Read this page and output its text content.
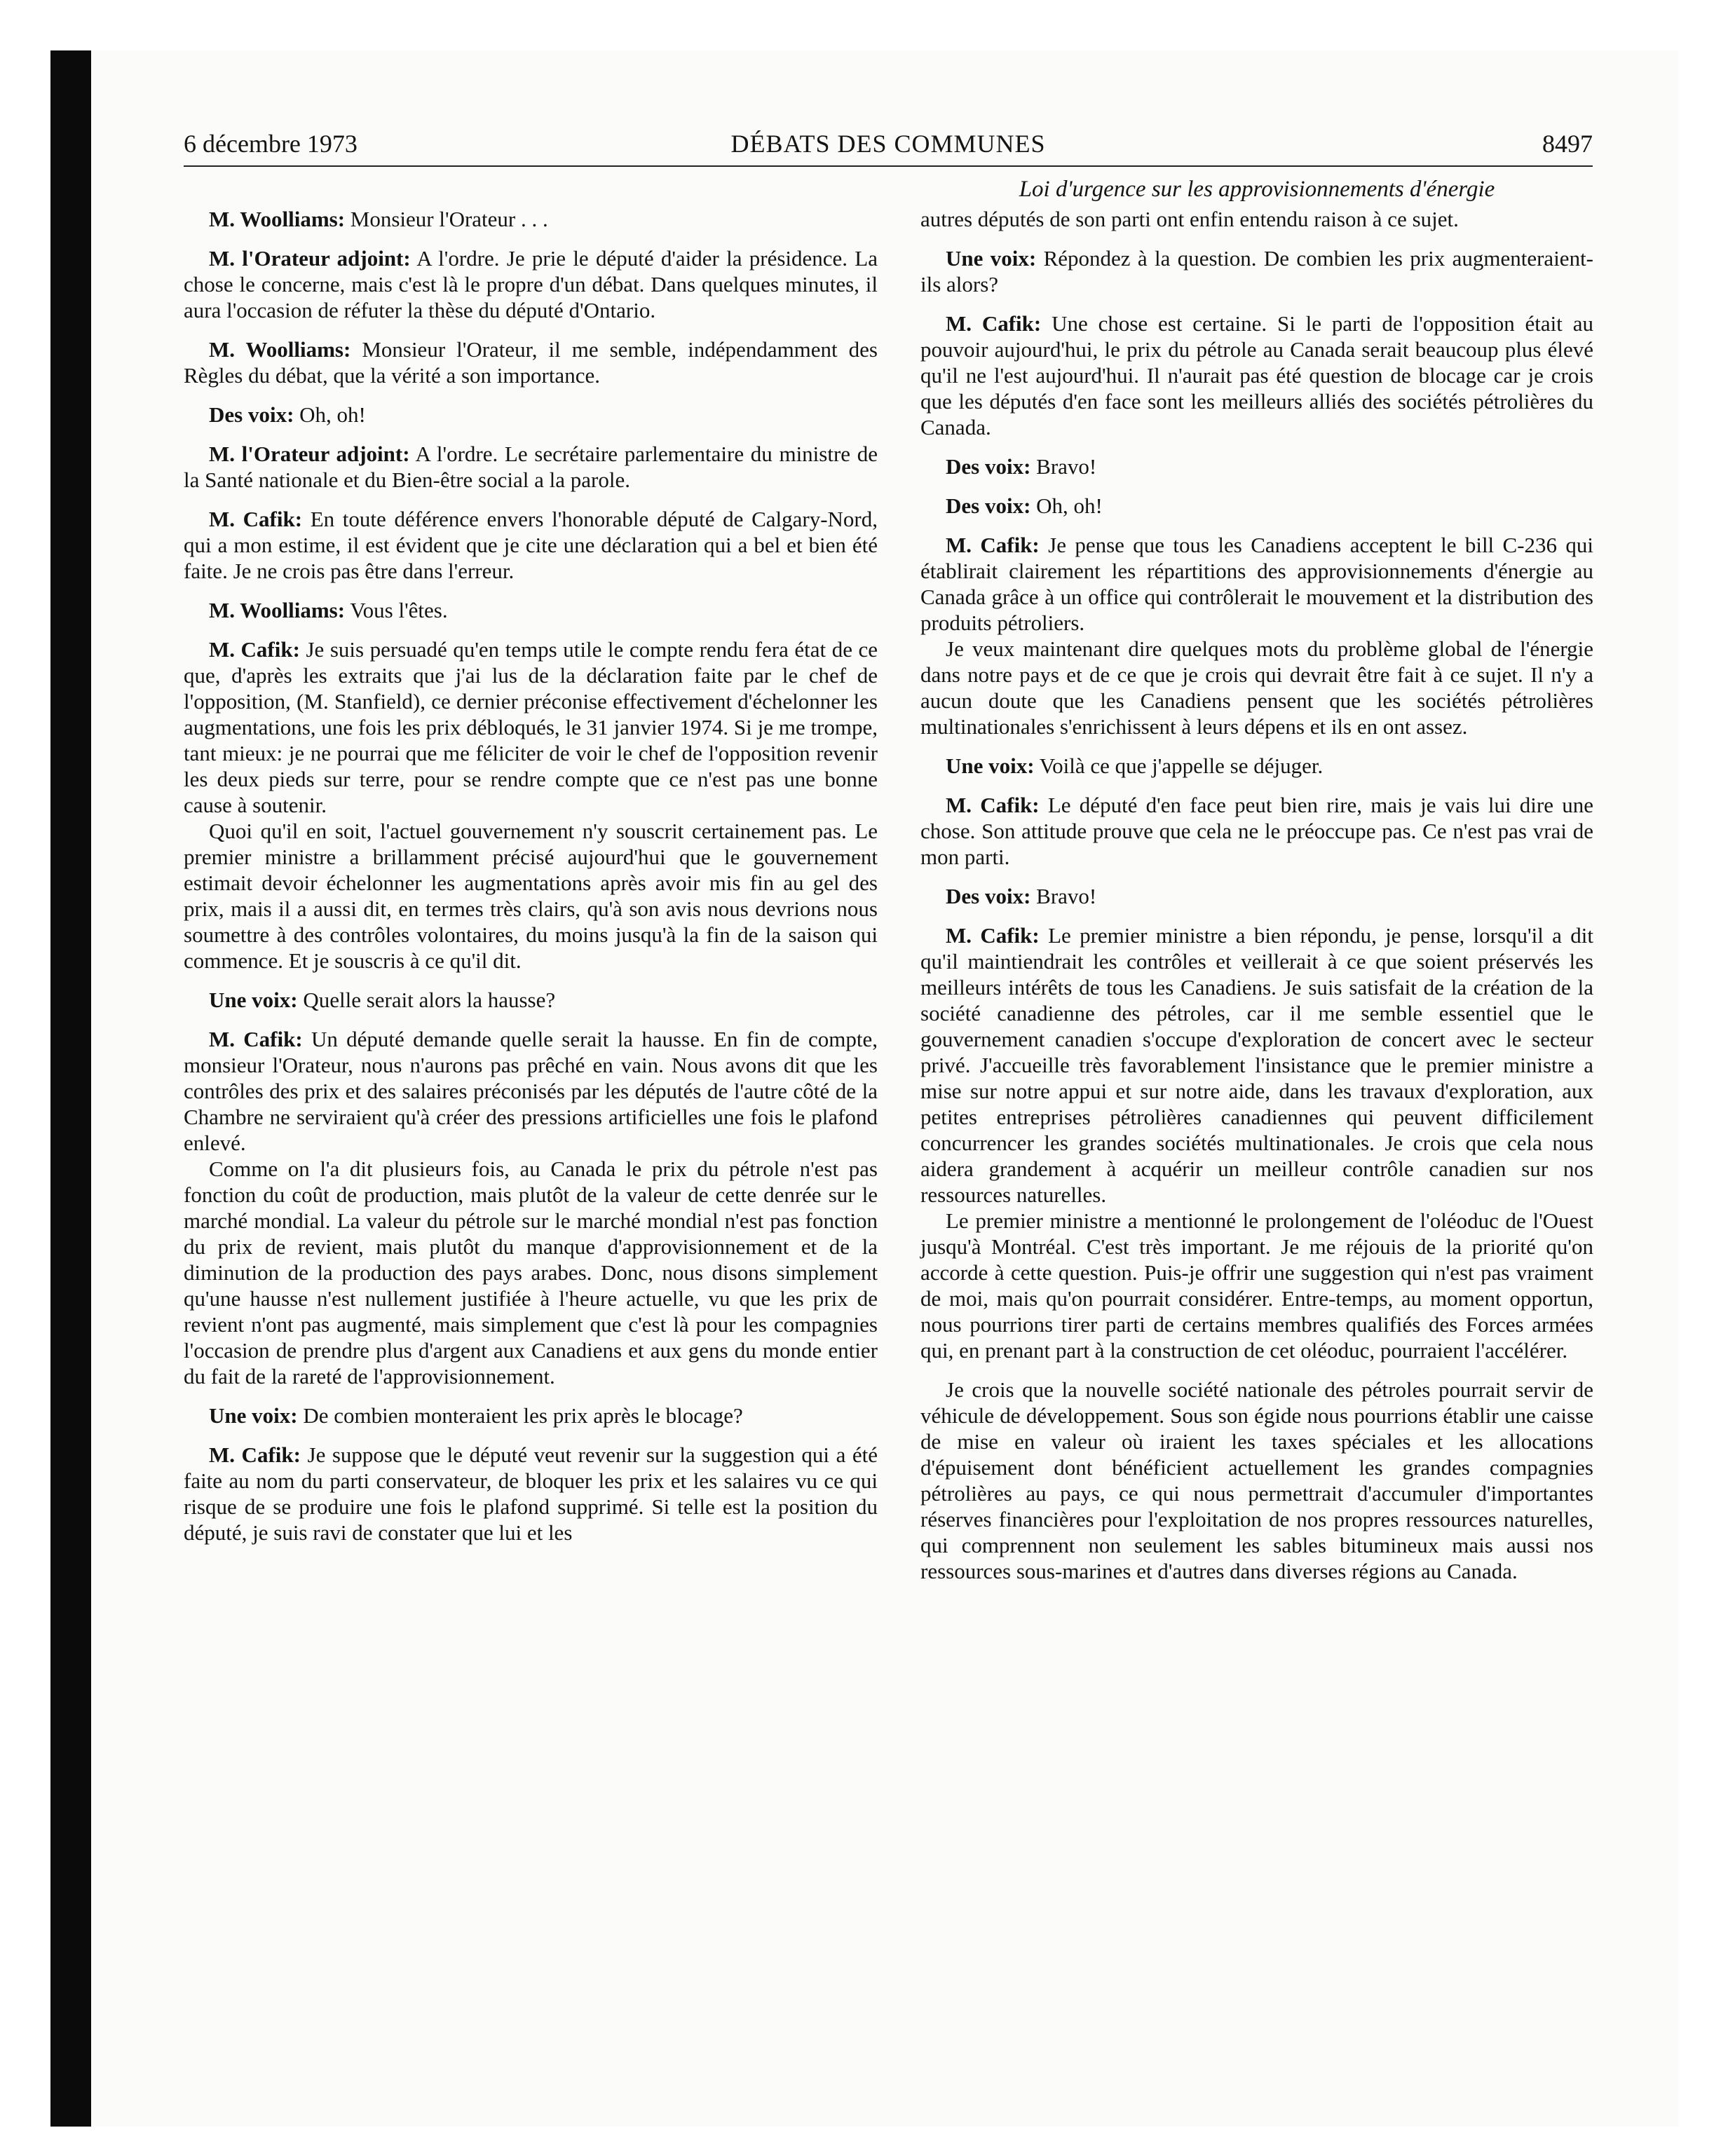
6 décembre 1973	DÉBATS DES COMMUNES	8497
Loi d'urgence sur les approvisionnements d'énergie

M. Woolliams: Monsieur l'Orateur . . .

M. l'Orateur adjoint: A l'ordre. Je prie le député d'aider la présidence. La chose le concerne, mais c'est là le propre d'un débat. Dans quelques minutes, il aura l'occasion de réfuter la thèse du député d'Ontario.

M. Woolliams: Monsieur l'Orateur, il me semble, indépendamment des Règles du débat, que la vérité a son importance.

Des voix: Oh, oh!

M. l'Orateur adjoint: A l'ordre. Le secrétaire parlementaire du ministre de la Santé nationale et du Bien-être social a la parole.

M. Cafik: En toute déférence envers l'honorable député de Calgary-Nord, qui a mon estime, il est évident que je cite une déclaration qui a bel et bien été faite. Je ne crois pas être dans l'erreur.

M. Woolliams: Vous l'êtes.

M. Cafik: Je suis persuadé qu'en temps utile le compte rendu fera état de ce que, d'après les extraits que j'ai lus de la déclaration faite par le chef de l'opposition, (M. Stanfield), ce dernier préconise effectivement d'échelonner les augmentations, une fois les prix débloqués, le 31 janvier 1974. Si je me trompe, tant mieux: je ne pourrai que me féliciter de voir le chef de l'opposition revenir les deux pieds sur terre, pour se rendre compte que ce n'est pas une bonne cause à soutenir.

Quoi qu'il en soit, l'actuel gouvernement n'y souscrit certainement pas. Le premier ministre a brillamment précisé aujourd'hui que le gouvernement estimait devoir échelonner les augmentations après avoir mis fin au gel des prix, mais il a aussi dit, en termes très clairs, qu'à son avis nous devrions nous soumettre à des contrôles volontaires, du moins jusqu'à la fin de la saison qui commence. Et je souscris à ce qu'il dit.

Une voix: Quelle serait alors la hausse?

M. Cafik: Un député demande quelle serait la hausse. En fin de compte, monsieur l'Orateur, nous n'aurons pas prêché en vain. Nous avons dit que les contrôles des prix et des salaires préconisés par les députés de l'autre côté de la Chambre ne serviraient qu'à créer des pressions artificielles une fois le plafond enlevé.

Comme on l'a dit plusieurs fois, au Canada le prix du pétrole n'est pas fonction du coût de production, mais plutôt de la valeur de cette denrée sur le marché mondial. La valeur du pétrole sur le marché mondial n'est pas fonction du prix de revient, mais plutôt du manque d'approvisionnement et de la diminution de la production des pays arabes. Donc, nous disons simplement qu'une hausse n'est nullement justifiée à l'heure actuelle, vu que les prix de revient n'ont pas augmenté, mais simplement que c'est là pour les compagnies l'occasion de prendre plus d'argent aux Canadiens et aux gens du monde entier du fait de la rareté de l'approvisionnement.

Une voix: De combien monteraient les prix après le blocage?

M. Cafik: Je suppose que le député veut revenir sur la suggestion qui a été faite au nom du parti conservateur, de bloquer les prix et les salaires vu ce qui risque de se produire une fois le plafond supprimé. Si telle est la position du député, je suis ravi de constater que lui et les

autres députés de son parti ont enfin entendu raison à ce sujet.

Une voix: Répondez à la question. De combien les prix augmenteraient-ils alors?

M. Cafik: Une chose est certaine. Si le parti de l'opposition était au pouvoir aujourd'hui, le prix du pétrole au Canada serait beaucoup plus élevé qu'il ne l'est aujourd'hui. Il n'aurait pas été question de blocage car je crois que les députés d'en face sont les meilleurs alliés des sociétés pétrolières du Canada.

Des voix: Bravo!

Des voix: Oh, oh!

M. Cafik: Je pense que tous les Canadiens acceptent le bill C-236 qui établirait clairement les répartitions des approvisionnements d'énergie au Canada grâce à un office qui contrôlerait le mouvement et la distribution des produits pétroliers.

Je veux maintenant dire quelques mots du problème global de l'énergie dans notre pays et de ce que je crois qui devrait être fait à ce sujet. Il n'y a aucun doute que les Canadiens pensent que les sociétés pétrolières multinationales s'enrichissent à leurs dépens et ils en ont assez.

Une voix: Voilà ce que j'appelle se déjuger.

M. Cafik: Le député d'en face peut bien rire, mais je vais lui dire une chose. Son attitude prouve que cela ne le préoccupe pas. Ce n'est pas vrai de mon parti.

Des voix: Bravo!

M. Cafik: Le premier ministre a bien répondu, je pense, lorsqu'il a dit qu'il maintiendrait les contrôles et veillerait à ce que soient préservés les meilleurs intérêts de tous les Canadiens. Je suis satisfait de la création de la société canadienne des pétroles, car il me semble essentiel que le gouvernement canadien s'occupe d'exploration de concert avec le secteur privé. J'accueille très favorablement l'insistance que le premier ministre a mise sur notre appui et sur notre aide, dans les travaux d'exploration, aux petites entreprises pétrolières canadiennes qui peuvent difficilement concurrencer les grandes sociétés multinationales. Je crois que cela nous aidera grandement à acquérir un meilleur contrôle canadien sur nos ressources naturelles.

Le premier ministre a mentionné le prolongement de l'oléoduc de l'Ouest jusqu'à Montréal. C'est très important. Je me réjouis de la priorité qu'on accorde à cette question. Puis-je offrir une suggestion qui n'est pas vraiment de moi, mais qu'on pourrait considérer. Entre-temps, au moment opportun, nous pourrions tirer parti de certains membres qualifiés des Forces armées qui, en prenant part à la construction de cet oléoduc, pourraient l'accélérer.

Je crois que la nouvelle société nationale des pétroles pourrait servir de véhicule de développement. Sous son égide nous pourrions établir une caisse de mise en valeur où iraient les taxes spéciales et les allocations d'épuisement dont bénéficient actuellement les grandes compagnies pétrolières au pays, ce qui nous permettrait d'accumuler d'importantes réserves financières pour l'exploitation de nos propres ressources naturelles, qui comprennent non seulement les sables bitumineux mais aussi nos ressources sous-marines et d'autres dans diverses régions au Canada.
